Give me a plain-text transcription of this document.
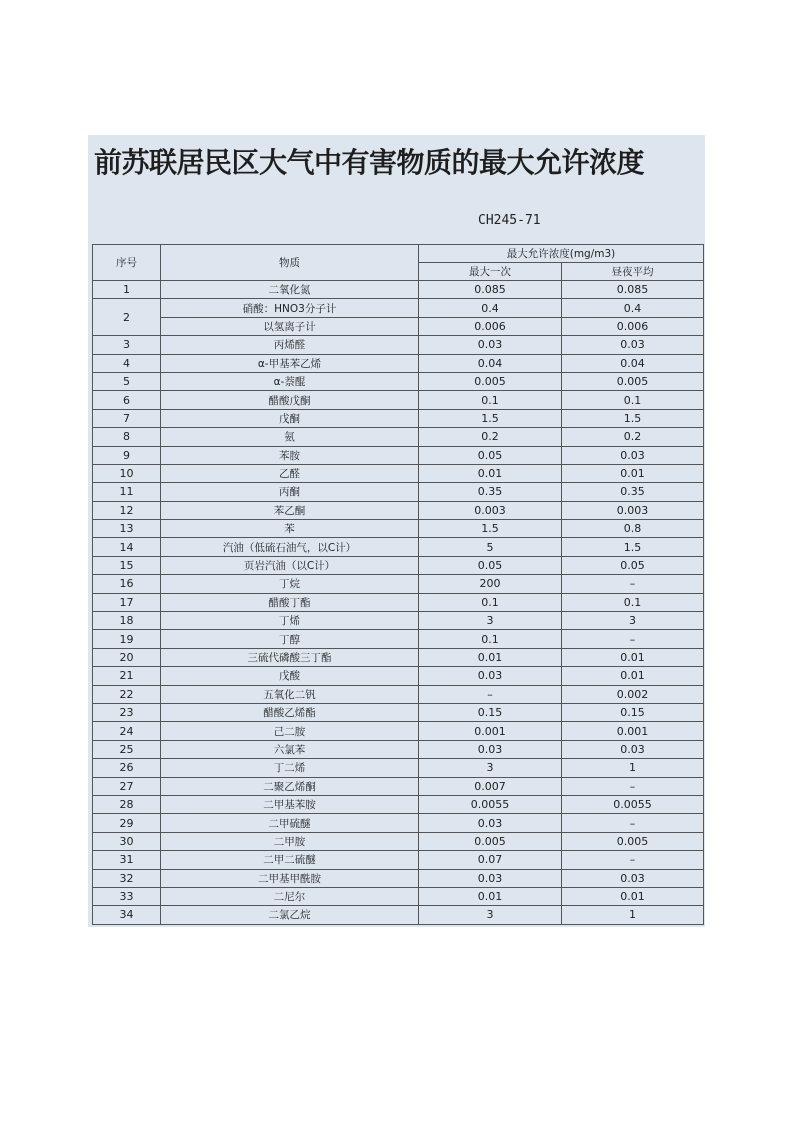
前苏联居民区大气中有害物质的最大允许浓度
CH245-71
序号	物质	最大允许浓度(mg/m3)	
		最大一次	昼夜平均
1	二氧化氮	0.085	0.085
2	硝酸：HNO3分子计	0.4	0.4
	以氢离子计	0.006	0.006
3	丙烯醛	0.03	0.03
4	α-甲基苯乙烯	0.04	0.04
5	α-萘醌	0.005	0.005
6	醋酸戊酮	0.1	0.1
7	戊酮	1.5	1.5
8	氨	0.2	0.2
9	苯胺	0.05	0.03
10	乙醛	0.01	0.01
11	丙酮	0.35	0.35
12	苯乙酮	0.003	0.003
13	苯	1.5	0.8
14	汽油（低硫石油气，以C计）	5	1.5
15	页岩汽油（以C计）	0.05	0.05
16	丁烷	200	–
17	醋酸丁酯	0.1	0.1
18	丁烯	3	3
19	丁醇	0.1	–
20	三硫代磷酸三丁酯	0.01	0.01
21	戊酸	0.03	0.01
22	五氧化二钒	–	0.002
23	醋酸乙烯酯	0.15	0.15
24	己二胺	0.001	0.001
25	六氯苯	0.03	0.03
26	丁二烯	3	1
27	二聚乙烯酮	0.007	–
28	二甲基苯胺	0.0055	0.0055
29	二甲硫醚	0.03	–
30	二甲胺	0.005	0.005
31	二甲二硫醚	0.07	–
32	二甲基甲酰胺	0.03	0.03
33	二尼尔	0.01	0.01
34	二氯乙烷	3	1
